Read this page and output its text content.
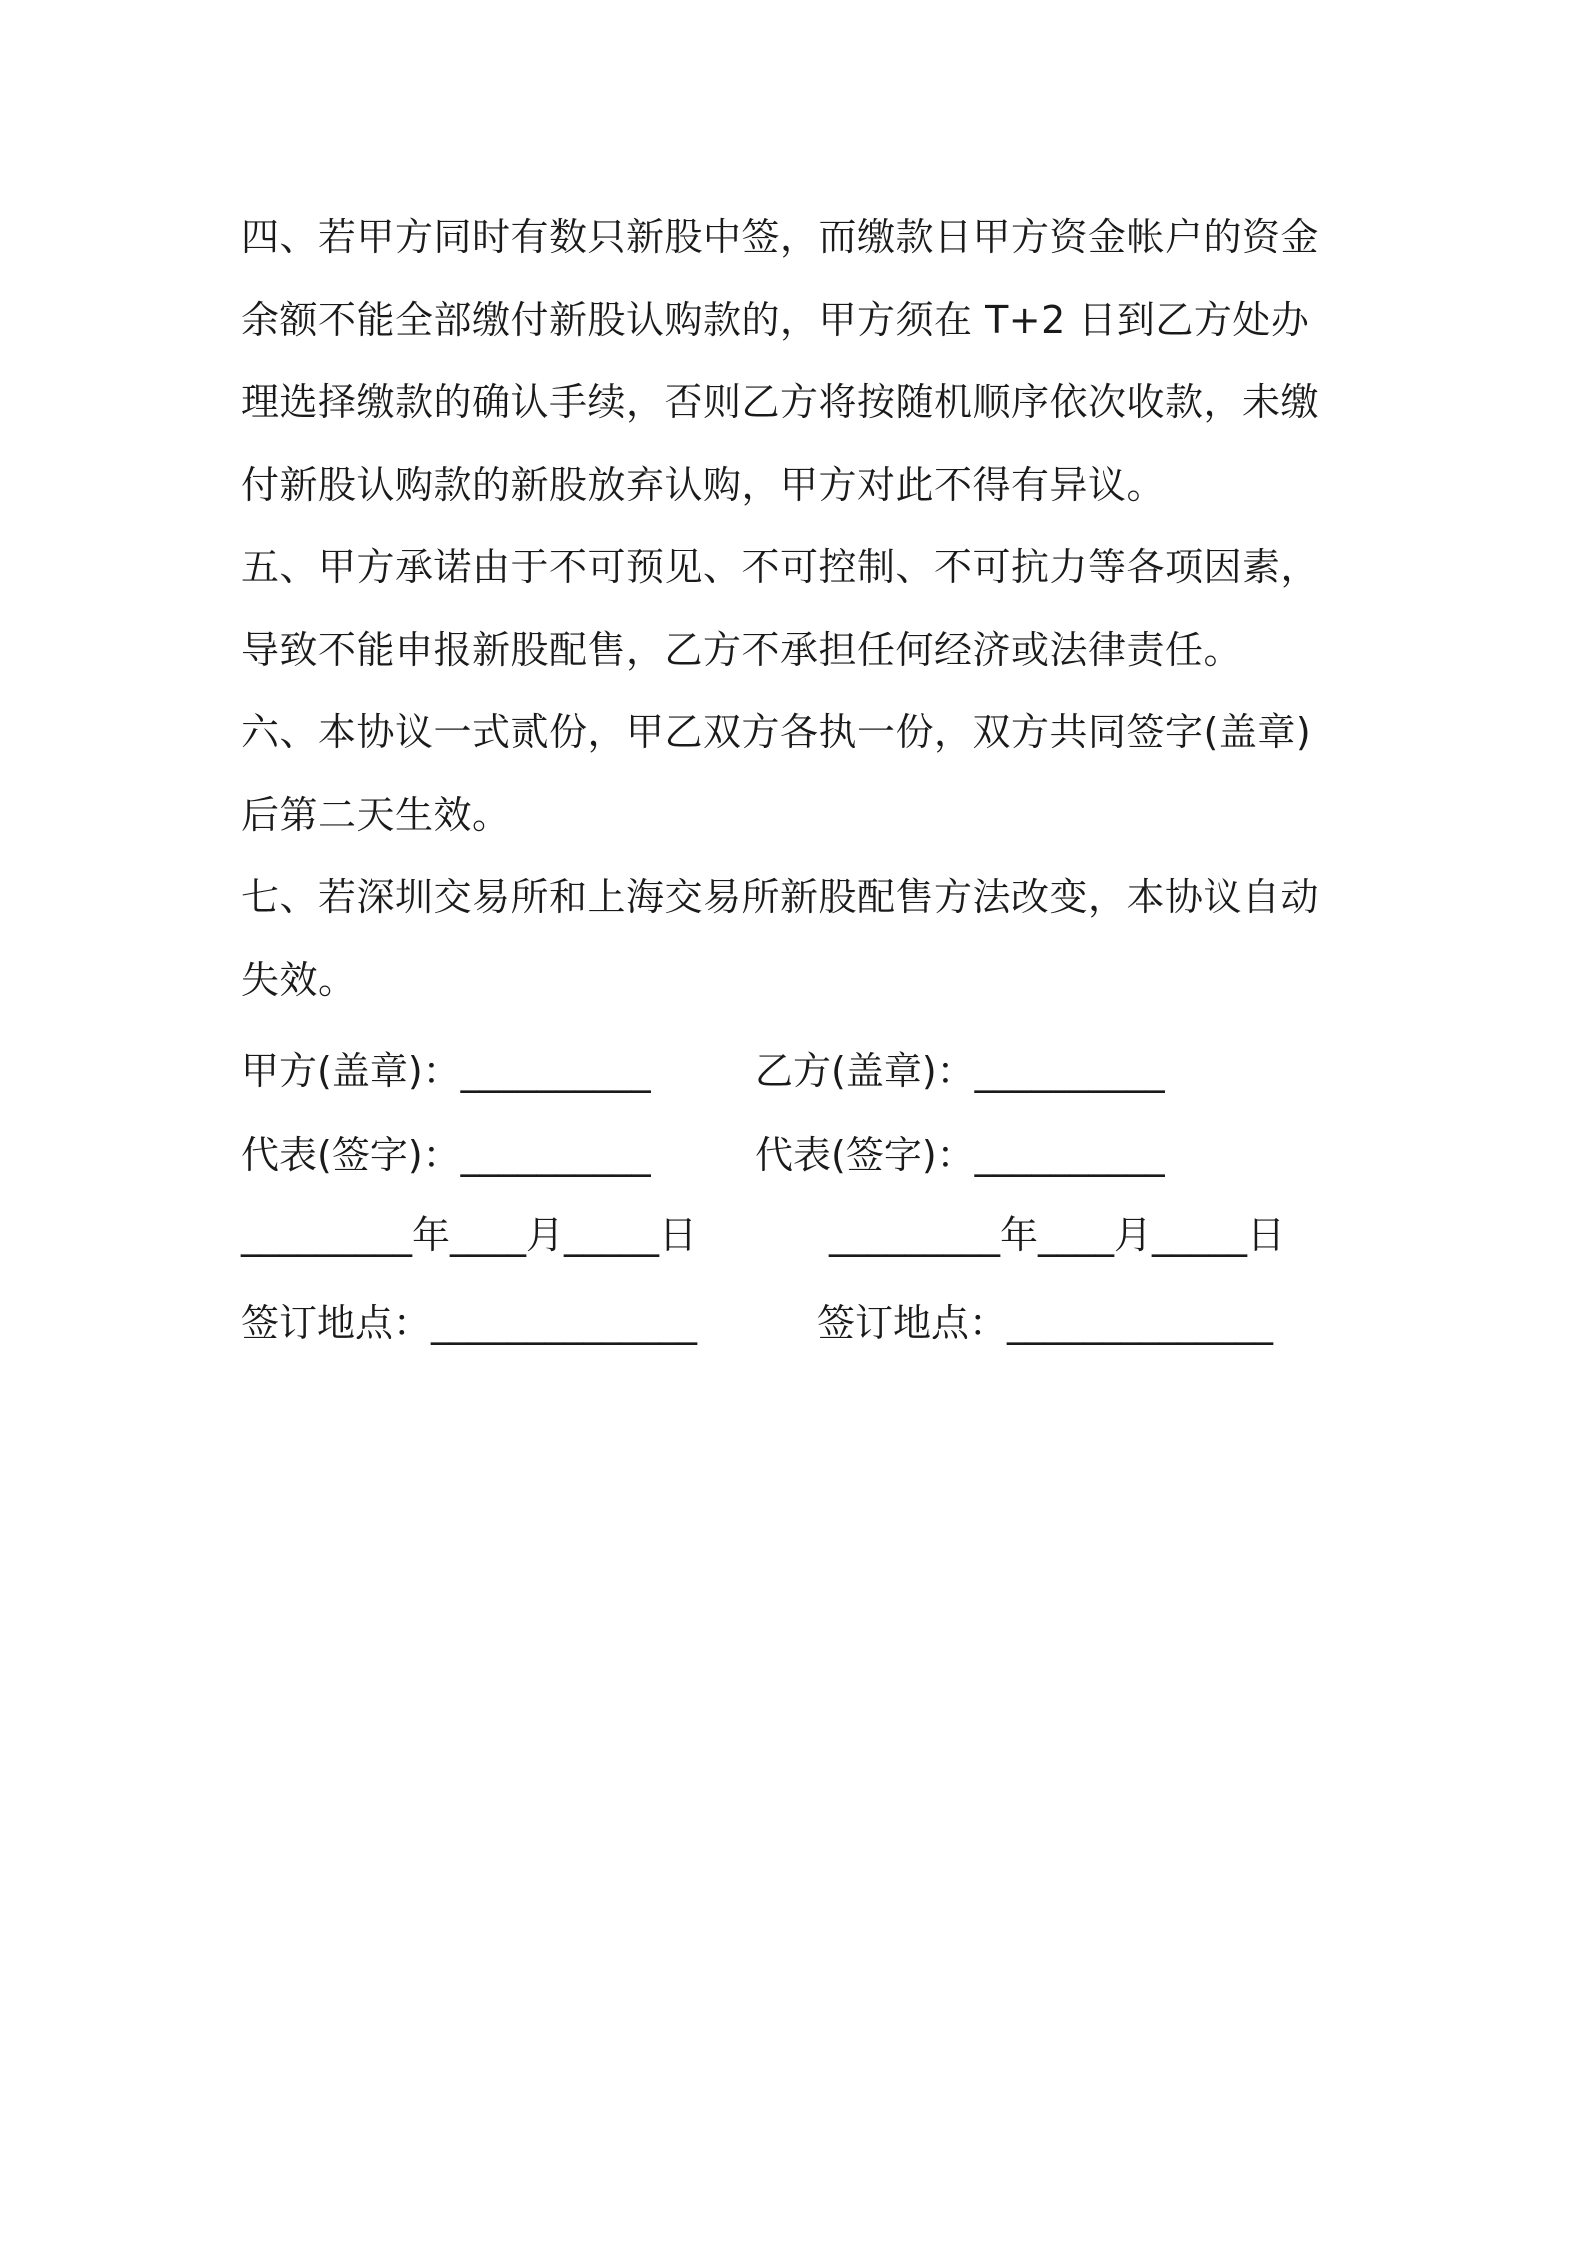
四、若甲方同时有数只新股中签，而缴款日甲方资金帐户的资金
余额不能全部缴付新股认购款的，甲方须在 T+2 日到乙方处办
理选择缴款的确认手续，否则乙方将按随机顺序依次收款，未缴
付新股认购款的新股放弃认购，甲方对此不得有异议。
五、甲方承诺由于不可预见、不可控制、不可抗力等各项因素，
导致不能申报新股配售，乙方不承担任何经济或法律责任。
六、本协议一式贰份，甲乙双方各执一份，双方共同签字(盖章)
后第二天生效。
七、若深圳交易所和上海交易所新股配售方法改变，本协议自动
失效。
甲方(盖章)：__________	乙方(盖章)：__________
代表(签字)：__________	代表(签字)：__________
_________年____月_____日	_________年____月_____日
签订地点：______________	签订地点：______________
